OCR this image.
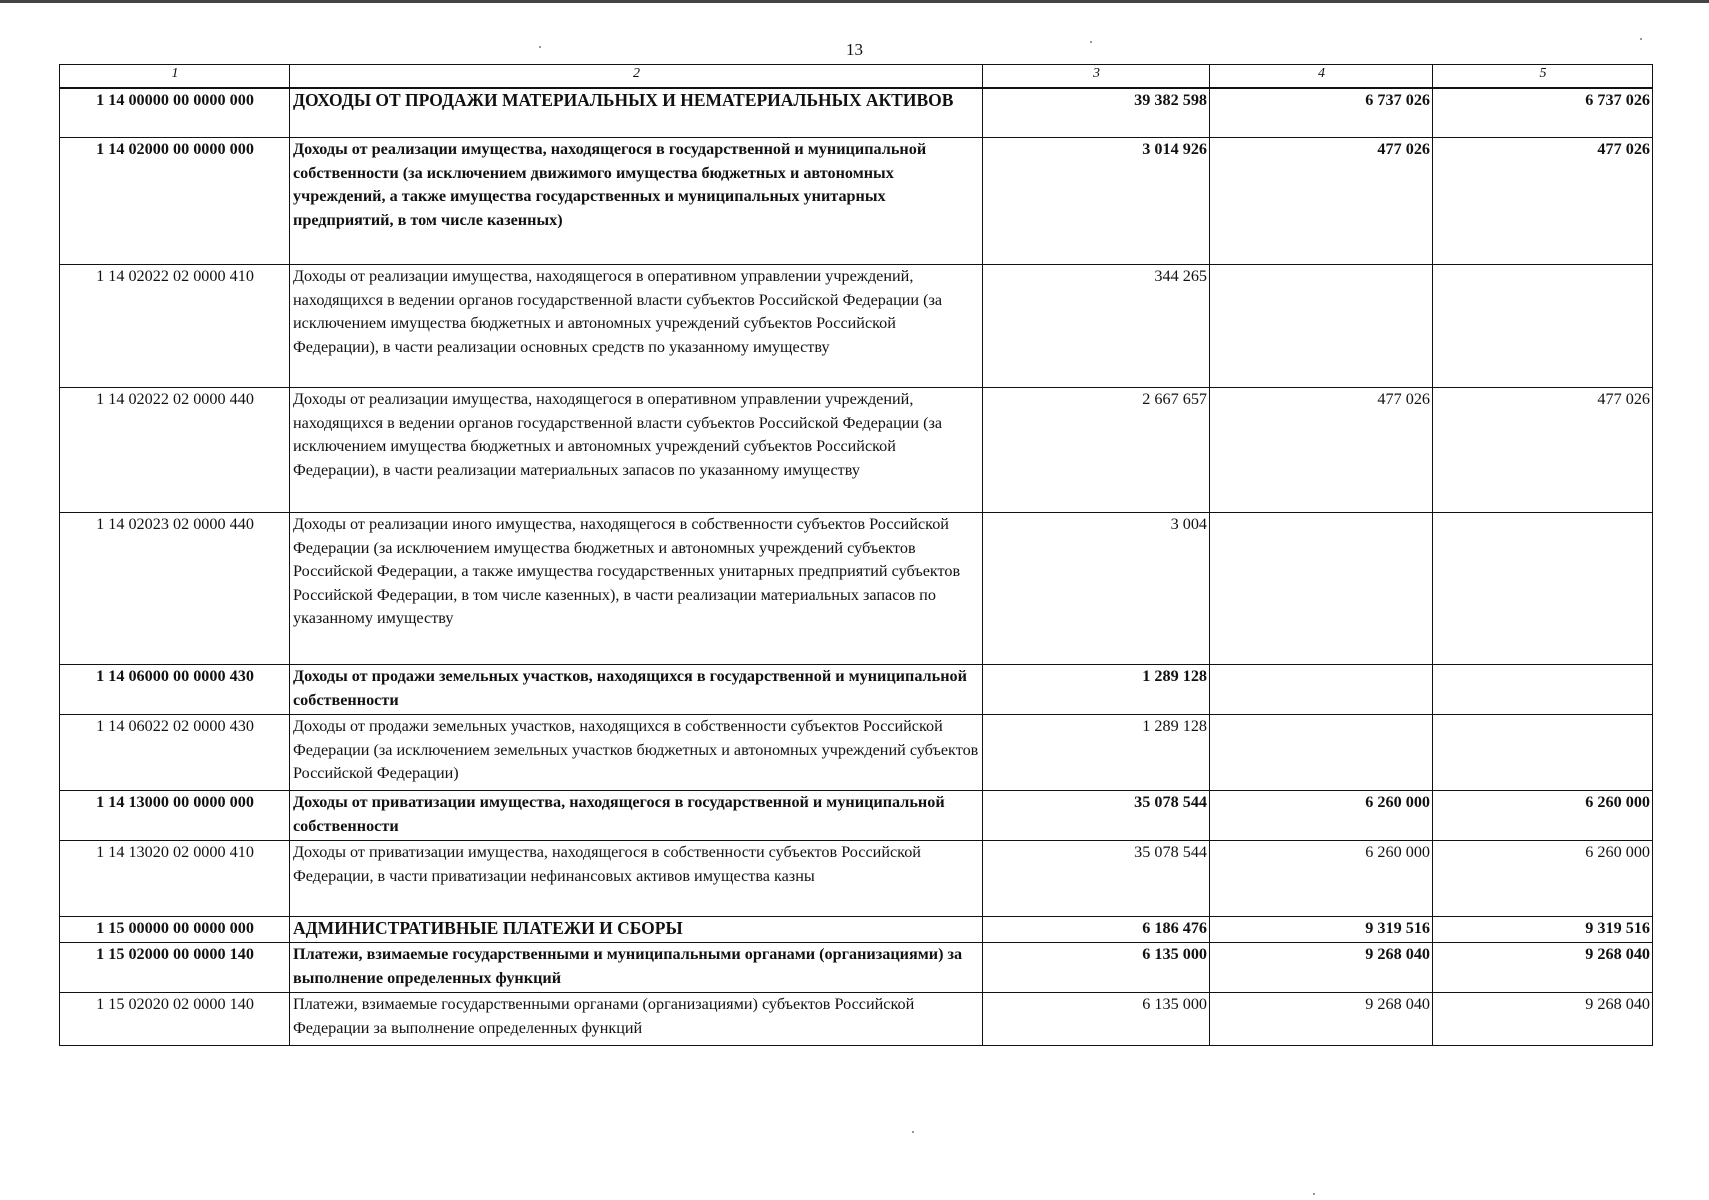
13
1	2	3	4	5
1 14 00000 00 0000 000	ДОХОДЫ ОТ ПРОДАЖИ МАТЕРИАЛЬНЫХ И НЕМАТЕРИАЛЬНЫХ АКТИВОВ	39 382 598	6 737 026	6 737 026
1 14 02000 00 0000 000	Доходы от реализации имущества, находящегося в государственной и муниципальной собственности (за исключением движимого имущества бюджетных и автономных учреждений, а также имущества государственных и муниципальных унитарных предприятий, в том числе казенных)	3 014 926	477 026	477 026
1 14 02022 02 0000 410	Доходы от реализации имущества, находящегося в оперативном управлении учреждений, находящихся в ведении органов государственной власти субъектов Российской Федерации (за исключением имущества бюджетных и автономных учреждений субъектов Российской Федерации), в части реализации основных средств по указанному имуществу	344 265		
1 14 02022 02 0000 440	Доходы от реализации имущества, находящегося в оперативном управлении учреждений, находящихся в ведении органов государственной власти субъектов Российской Федерации (за исключением имущества бюджетных и автономных учреждений субъектов Российской Федерации), в части реализации материальных запасов по указанному имуществу	2 667 657	477 026	477 026
1 14 02023 02 0000 440	Доходы от реализации иного имущества, находящегося в собственности субъектов Российской Федерации (за исключением имущества бюджетных и автономных учреждений субъектов Российской Федерации, а также имущества государственных унитарных предприятий субъектов Российской Федерации, в том числе казенных), в части реализации материальных запасов по указанному имуществу	3 004		
1 14 06000 00 0000 430	Доходы от продажи земельных участков, находящихся в государственной и муниципальной собственности	1 289 128		
1 14 06022 02 0000 430	Доходы от продажи земельных участков, находящихся в собственности субъектов Российской Федерации (за исключением земельных участков бюджетных и автономных учреждений субъектов Российской Федерации)	1 289 128		
1 14 13000 00 0000 000	Доходы от приватизации имущества, находящегося в государственной и муниципальной собственности	35 078 544	6 260 000	6 260 000
1 14 13020 02 0000 410	Доходы от приватизации имущества, находящегося в собственности субъектов Российской Федерации, в части приватизации нефинансовых активов имущества казны	35 078 544	6 260 000	6 260 000
1 15 00000 00 0000 000	АДМИНИСТРАТИВНЫЕ ПЛАТЕЖИ И СБОРЫ	6 186 476	9 319 516	9 319 516
1 15 02000 00 0000 140	Платежи, взимаемые государственными и муниципальными органами (организациями) за выполнение определенных функций	6 135 000	9 268 040	9 268 040
1 15 02020 02 0000 140	Платежи, взимаемые государственными органами (организациями) субъектов Российской Федерации за выполнение определенных функций	6 135 000	9 268 040	9 268 040
